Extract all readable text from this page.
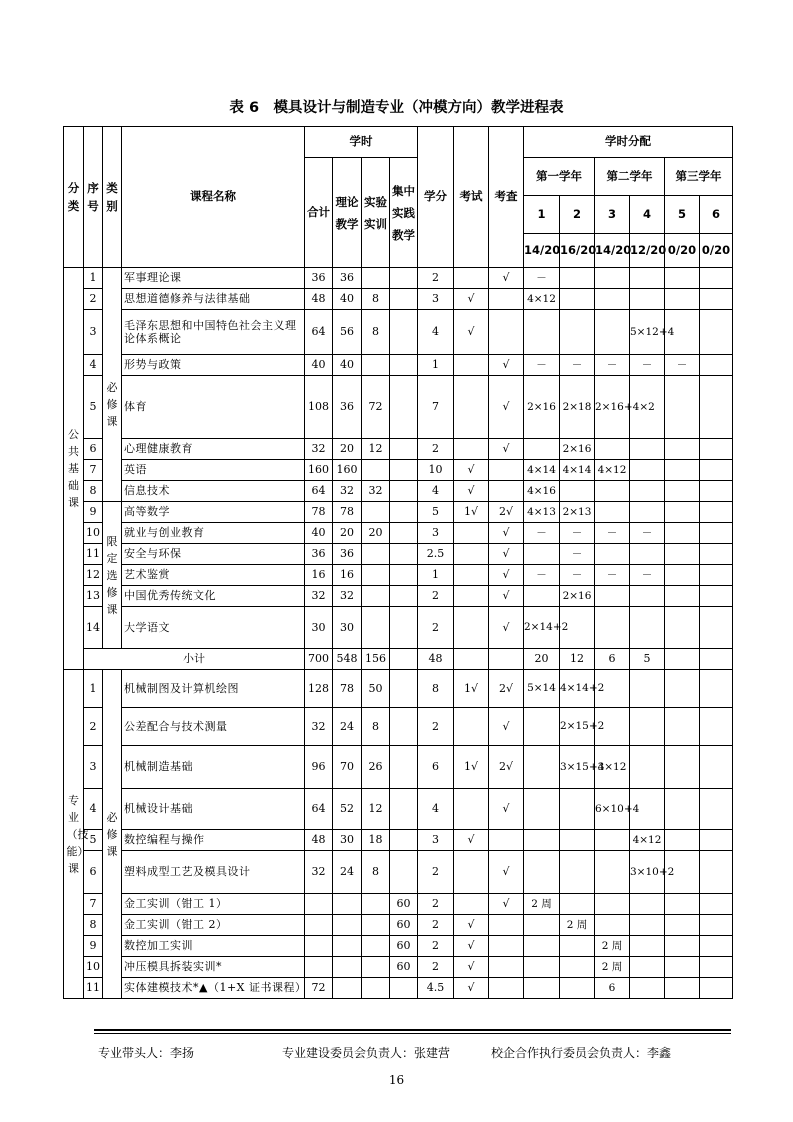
表 6　模具设计与制造专业（冲模方向）教学进程表
分类	序号	类别	课程名称	学时				学分	考试	考查	学时分配					
				合计	理论教学	实验实训	集中实践教学				第一学年		第二学年		第三学年	
											1	2	3	4	5	6
											14/20	16/20	14/20	12/20	0/20	0/20
公共基础课	1	必修课	军事理论课	36	36			2		√	－					
	2		思想道德修养与法律基础	48	40	8		3	√		4×12					
	3		毛泽东思想和中国特色社会主义理论体系概论	64	56	8		4	√					5×12+4		
	4		形势与政策	40	40			1		√	－	－	－	－	－	
	5		体育	108	36	72		7		√	2×16	2×18	2×16+4×2			
	6		心理健康教育	32	20	12		2		√		2×16				
	7		英语	160	160			10	√		4×14	4×14	4×12			
	8		信息技术	64	32	32		4	√		4×16					
	9	限定选修课	高等数学	78	78			5	1√	2√	4×13	2×13				
	10		就业与创业教育	40	20	20		3		√	－	－	－	－		
	11		安全与环保	36	36			2.5		√		－				
	12		艺术鉴赏	16	16			1		√	－	－	－	－		
	13		中国优秀传统文化	32	32			2		√		2×16				
	14		大学语文	30	30			2		√	2×14+2					
	小计			700	548	156		48			20	12	6	5		
专业（技能）课	1	必修课	机械制图及计算机绘图	128	78	50		8	1√	2√	5×14	4×14+2				
	2		公差配合与技术测量	32	24	8		2		√		2×15+2				
	3		机械制造基础	96	70	26		6	1√	2√		3×15+3	4×12			
	4		机械设计基础	64	52	12		4		√			6×10+4			
	5		数控编程与操作	48	30	18		3	√					4×12		
	6		塑料成型工艺及模具设计	32	24	8		2		√				3×10+2		
	7		金工实训（钳工 1）				60	2		√	2 周					
	8		金工实训（钳工 2）				60	2	√			2 周				
	9		数控加工实训				60	2	√				2 周			
	10		冲压模具拆装实训*				60	2	√				2 周			
	11		实体建模技术*▲（1+X 证书课程）	72				4.5	√				6			
专业带头人：李扬	专业建设委员会负责人：张建营	校企合作执行委员会负责人：李鑫
16
